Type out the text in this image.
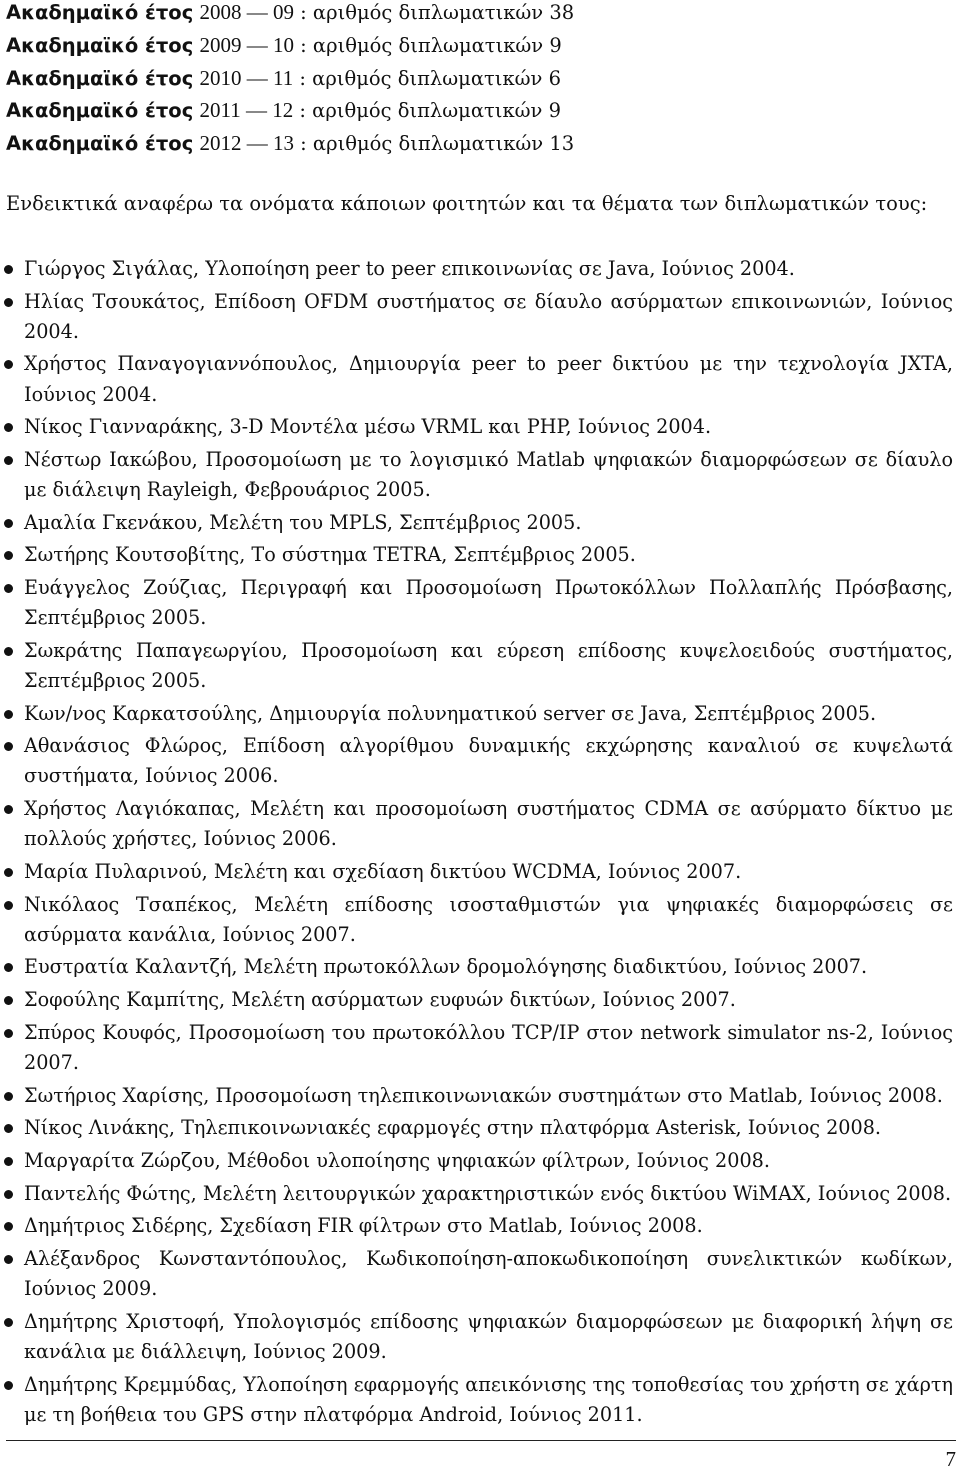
Ακαδημαϊκό έτος 2008 — 09 : αριθμός διπλωματικών 38
Ακαδημαϊκό έτος 2009 — 10 : αριθμός διπλωματικών 9
Ακαδημαϊκό έτος 2010 — 11 : αριθμός διπλωματικών 6
Ακαδημαϊκό έτος 2011 — 12 : αριθμός διπλωματικών 9
Ακαδημαϊκό έτος 2012 — 13 : αριθμός διπλωματικών 13

Ενδεικτικά αναφέρω τα ονόματα κάποιων φοιτητών και τα θέματα των διπλωματικών τους:

Γιώργος Σιγάλας, Υλοποίηση peer to peer επικοινωνίας σε Java, Ιούνιος 2004.
Ηλίας Τσουκάτος, Επίδοση OFDM συστήματος σε δίαυλο ασύρματων επικοινωνιών, Ιούνιος 2004.
Χρήστος Παναγογιαννόπουλος, Δημιουργία peer to peer δικτύου με την τεχνολογία JXTA, Ιούνιος 2004.
Νίκος Γιανναράκης, 3-D Μοντέλα μέσω VRML και PHP, Ιούνιος 2004.
Νέστωρ Ιακώβου, Προσομοίωση με το λογισμικό Matlab ψηφιακών διαμορφώσεων σε δίαυλο με διάλειψη Rayleigh, Φεβρουάριος 2005.
Αμαλία Γκενάκου, Μελέτη του MPLS, Σεπτέμβριος 2005.
Σωτήρης Κουτσοβίτης, Το σύστημα TETRA, Σεπτέμβριος 2005.
Ευάγγελος Ζούζιας, Περιγραφή και Προσομοίωση Πρωτοκόλλων Πολλαπλής Πρόσβασης, Σεπτέμβριος 2005.
Σωκράτης Παπαγεωργίου, Προσομοίωση και εύρεση επίδοσης κυψελοειδούς συστήματος, Σεπτέμβριος 2005.
Κων/νος Καρκατσούλης, Δημιουργία πολυνηματικού server σε Java, Σεπτέμβριος 2005.
Αθανάσιος Φλώρος, Επίδοση αλγορίθμου δυναμικής εκχώρησης καναλιού σε κυψελωτά συστήματα, Ιούνιος 2006.
Χρήστος Λαγιόκαπας, Μελέτη και προσομοίωση συστήματος CDMA σε ασύρματο δίκτυο με πολλούς χρήστες, Ιούνιος 2006.
Μαρία Πυλαρινού, Μελέτη και σχεδίαση δικτύου WCDMA, Ιούνιος 2007.
Νικόλαος Τσαπέκος, Μελέτη επίδοσης ισοσταθμιστών για ψηφιακές διαμορφώσεις σε ασύρματα κανάλια, Ιούνιος 2007.
Ευστρατία Καλαντζή, Μελέτη πρωτοκόλλων δρομολόγησης διαδικτύου, Ιούνιος 2007.
Σοφούλης Καμπίτης, Μελέτη ασύρματων ευφυών δικτύων, Ιούνιος 2007.
Σπύρος Κουφός, Προσομοίωση του πρωτοκόλλου TCP/IP στον network simulator ns-2, Ιούνιος 2007.
Σωτήριος Χαρίσης, Προσομοίωση τηλεπικοινωνιακών συστημάτων στο Matlab, Ιούνιος 2008.
Νίκος Λινάκης, Τηλεπικοινωνιακές εφαρμογές στην πλατφόρμα Asterisk, Ιούνιος 2008.
Μαργαρίτα Ζώρζου, Μέθοδοι υλοποίησης ψηφιακών φίλτρων, Ιούνιος 2008.
Παντελής Φώτης, Μελέτη λειτουργικών χαρακτηριστικών ενός δικτύου WiMAX, Ιούνιος 2008.
Δημήτριος Σιδέρης, Σχεδίαση FIR φίλτρων στο Matlab, Ιούνιος 2008.
Αλέξανδρος Κωνσταντόπουλος, Κωδικοποίηση-αποκωδικοποίηση συνελικτικών κωδίκων, Ιούνιος 2009.
Δημήτρης Χριστοφή, Υπολογισμός επίδοσης ψηφιακών διαμορφώσεων με διαφορική λήψη σε κανάλια με διάλλειψη, Ιούνιος 2009.
Δημήτρης Κρεμμύδας, Υλοποίηση εφαρμογής απεικόνισης της τοποθεσίας του χρήστη σε χάρτη με τη βοήθεια του GPS στην πλατφόρμα Android, Ιούνιος 2011.
7
